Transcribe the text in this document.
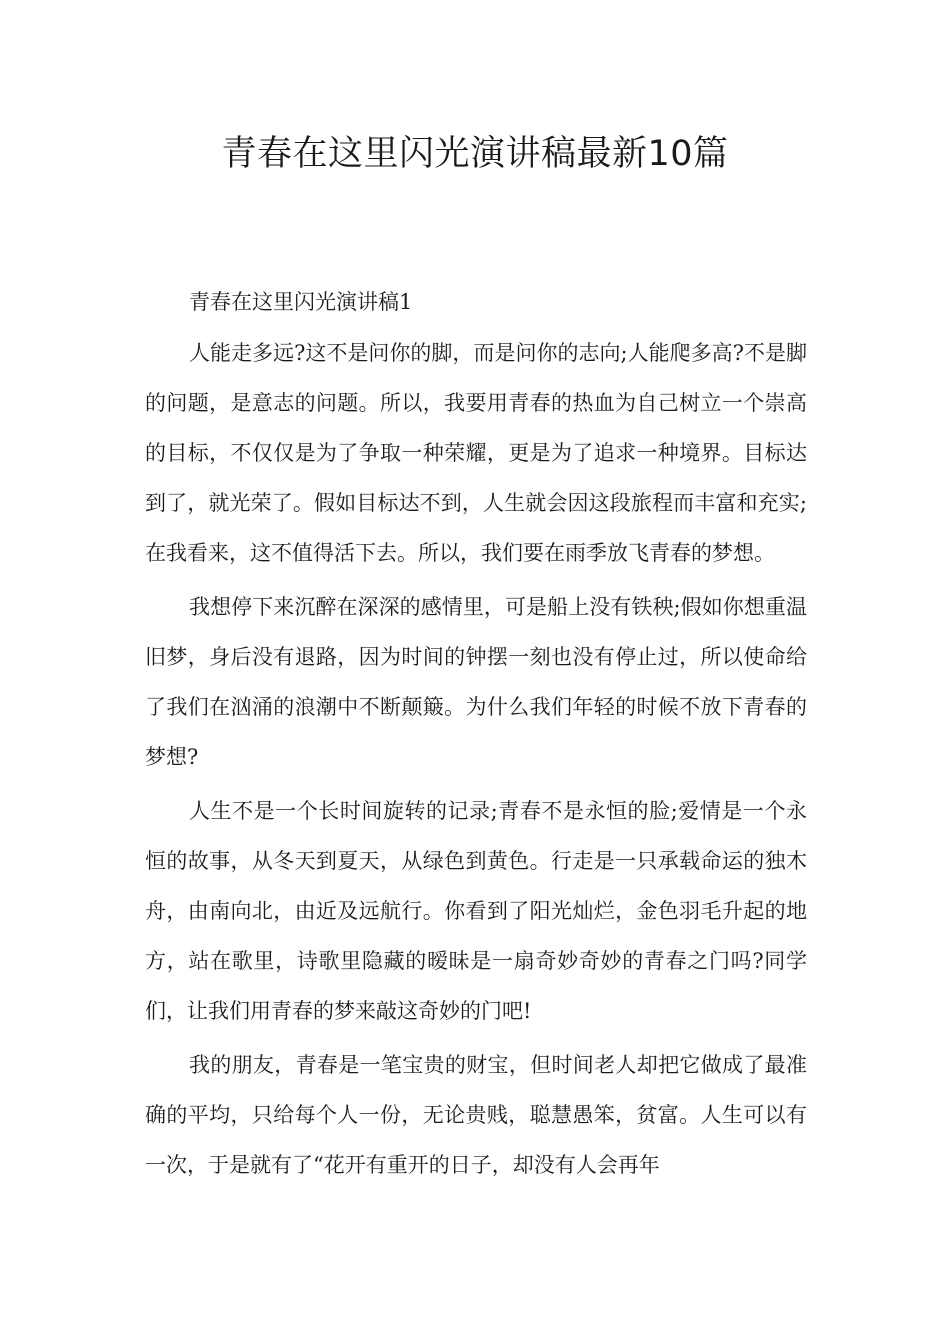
青春在这里闪光演讲稿最新10篇

青春在这里闪光演讲稿1

人能走多远?这不是问你的脚，而是问你的志向;人能爬多高?不是脚的问题，是意志的问题。所以，我要用青春的热血为自己树立一个崇高的目标，不仅仅是为了争取一种荣耀，更是为了追求一种境界。目标达到了，就光荣了。假如目标达不到，人生就会因这段旅程而丰富和充实;在我看来，这不值得活下去。所以，我们要在雨季放飞青春的梦想。

我想停下来沉醉在深深的感情里，可是船上没有铁秧;假如你想重温旧梦，身后没有退路，因为时间的钟摆一刻也没有停止过，所以使命给了我们在汹涌的浪潮中不断颠簸。为什么我们年轻的时候不放下青春的梦想?

人生不是一个长时间旋转的记录;青春不是永恒的脸;爱情是一个永恒的故事，从冬天到夏天，从绿色到黄色。行走是一只承载命运的独木舟，由南向北，由近及远航行。你看到了阳光灿烂，金色羽毛升起的地方，站在歌里，诗歌里隐藏的暧昧是一扇奇妙奇妙的青春之门吗?同学们，让我们用青春的梦来敲这奇妙的门吧!

我的朋友，青春是一笔宝贵的财宝，但时间老人却把它做成了最准确的平均，只给每个人一份，无论贵贱，聪慧愚笨，贫富。人生可以有一次，于是就有了“花开有重开的日子，却没有人会再年
